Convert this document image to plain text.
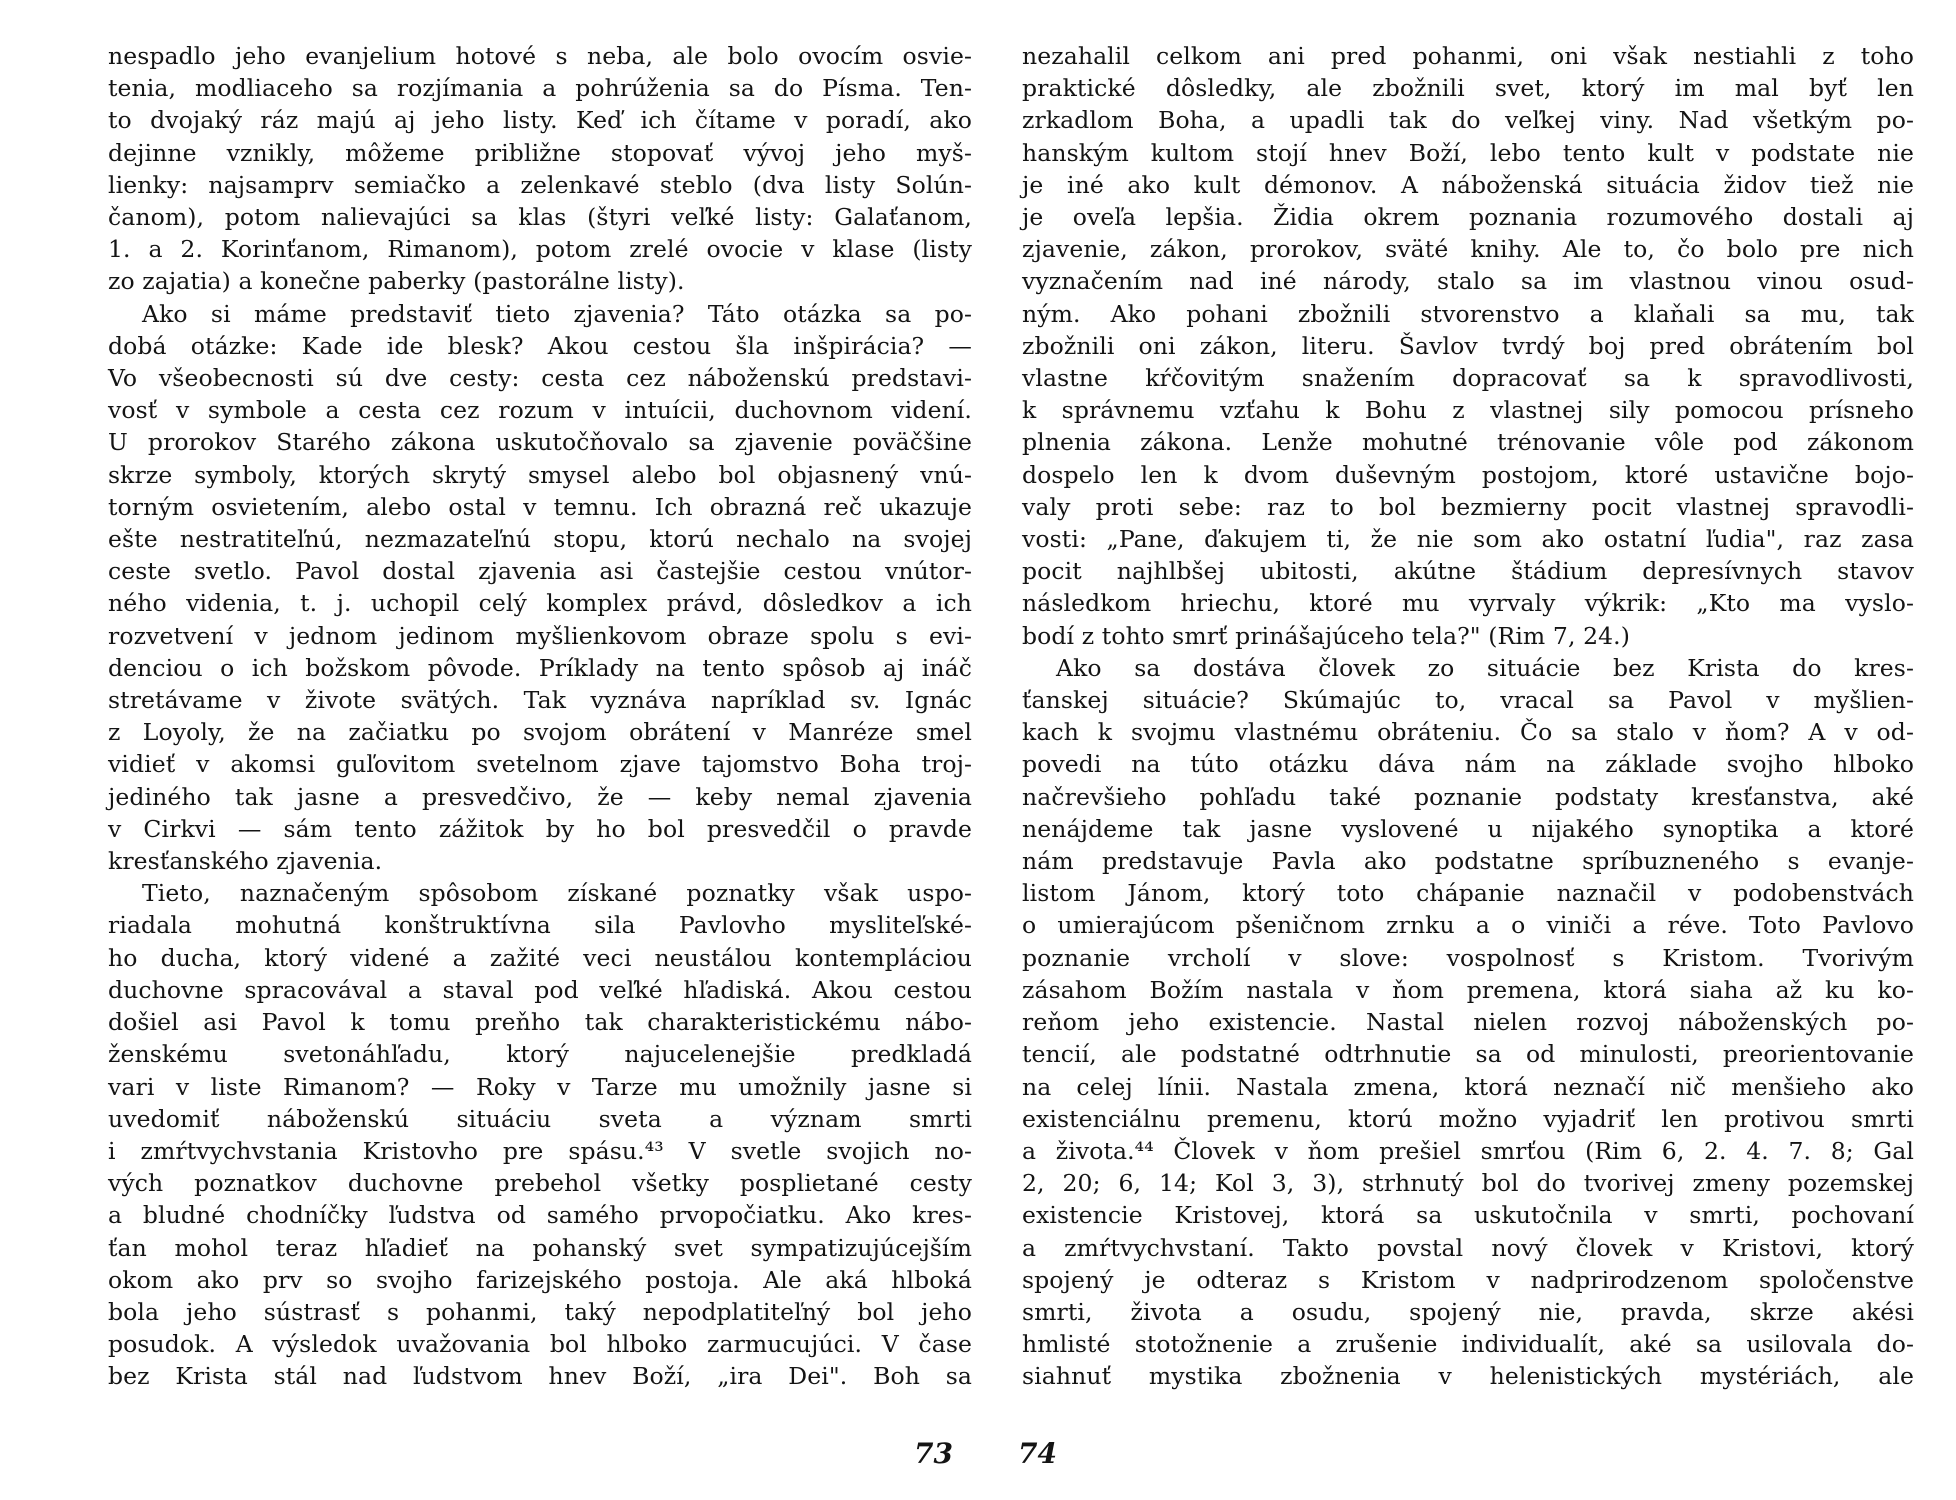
nespadlo jeho evanjelium hotové s neba, ale bolo ovocím osvie-
tenia, modliaceho sa rozjímania a pohrúženia sa do Písma. Ten-
to dvojaký ráz majú aj jeho listy. Keď ich čítame v poradí, ako
dejinne vznikly, môžeme približne stopovať vývoj jeho myš-
lienky: najsamprv semiačko a zelenkavé steblo (dva listy Solún-
čanom), potom nalievajúci sa klas (štyri veľké listy: Galaťanom,
1. a 2. Korinťanom, Rimanom), potom zrelé ovocie v klase (listy
zo zajatia) a konečne paberky (pastorálne listy).
Ako si máme predstaviť tieto zjavenia? Táto otázka sa po-
dobá otázke: Kade ide blesk? Akou cestou šla inšpirácia? —
Vo všeobecnosti sú dve cesty: cesta cez náboženskú predstavi-
vosť v symbole a cesta cez rozum v intuícii, duchovnom videní.
U prorokov Starého zákona uskutočňovalo sa zjavenie poväčšine
skrze symboly, ktorých skrytý smysel alebo bol objasnený vnú-
torným osvietením, alebo ostal v temnu. Ich obrazná reč ukazuje
ešte nestratiteľnú, nezmazateľnú stopu, ktorú nechalo na svojej
ceste svetlo. Pavol dostal zjavenia asi častejšie cestou vnútor-
ného videnia, t. j. uchopil celý komplex právd, dôsledkov a ich
rozvetvení v jednom jedinom myšlienkovom obraze spolu s evi-
denciou o ich božskom pôvode. Príklady na tento spôsob aj ináč
stretávame v živote svätých. Tak vyznáva napríklad sv. Ignác
z Loyoly, že na začiatku po svojom obrátení v Manréze smel
vidieť v akomsi guľovitom svetelnom zjave tajomstvo Boha troj-
jediného tak jasne a presvedčivo, že — keby nemal zjavenia
v Cirkvi — sám tento zážitok by ho bol presvedčil o pravde
kresťanského zjavenia.
Tieto, naznačeným spôsobom získané poznatky však uspo-
riadala mohutná konštruktívna sila Pavlovho mysliteľské-
ho ducha, ktorý videné a zažité veci neustálou kontempláciou
duchovne spracovával a staval pod veľké hľadiská. Akou cestou
došiel asi Pavol k tomu preňho tak charakteristickému nábo-
ženskému svetonáhľadu, ktorý najucelenejšie predkladá
vari v liste Rimanom? — Roky v Tarze mu umožnily jasne si
uvedomiť náboženskú situáciu sveta a význam smrti
i zmŕtvychvstania Kristovho pre spásu.⁴³ V svetle svojich no-
vých poznatkov duchovne prebehol všetky posplietané cesty
a bludné chodníčky ľudstva od samého prvopočiatku. Ako kres-
ťan mohol teraz hľadieť na pohanský svet sympatizujúcejším
okom ako prv so svojho farizejského postoja. Ale aká hlboká
bola jeho sústrasť s pohanmi, taký nepodplatiteľný bol jeho
posudok. A výsledok uvažovania bol hlboko zarmucujúci. V čase
bez Krista stál nad ľudstvom hnev Boží, „ira Dei". Boh sa
73
nezahalil celkom ani pred pohanmi, oni však nestiahli z toho
praktické dôsledky, ale zbožnili svet, ktorý im mal byť len
zrkadlom Boha, a upadli tak do veľkej viny. Nad všetkým po-
hanským kultom stojí hnev Boží, lebo tento kult v podstate nie
je iné ako kult démonov. A náboženská situácia židov tiež nie
je oveľa lepšia. Židia okrem poznania rozumového dostali aj
zjavenie, zákon, prorokov, sväté knihy. Ale to, čo bolo pre nich
vyznačením nad iné národy, stalo sa im vlastnou vinou osud-
ným. Ako pohani zbožnili stvorenstvo a klaňali sa mu, tak
zbožnili oni zákon, literu. Šavlov tvrdý boj pred obrátením bol
vlastne kŕčovitým snažením dopracovať sa k spravodlivosti,
k správnemu vzťahu k Bohu z vlastnej sily pomocou prísneho
plnenia zákona. Lenže mohutné trénovanie vôle pod zákonom
dospelo len k dvom duševným postojom, ktoré ustavične bojo-
valy proti sebe: raz to bol bezmierny pocit vlastnej spravodli-
vosti: „Pane, ďakujem ti, že nie som ako ostatní ľudia", raz zasa
pocit najhlbšej ubitosti, akútne štádium depresívnych stavov
následkom hriechu, ktoré mu vyrvaly výkrik: „Kto ma vyslo-
bodí z tohto smrť prinášajúceho tela?" (Rim 7, 24.)
Ako sa dostáva človek zo situácie bez Krista do kres-
ťanskej situácie? Skúmajúc to, vracal sa Pavol v myšlien-
kach k svojmu vlastnému obráteniu. Čo sa stalo v ňom? A v od-
povedi na túto otázku dáva nám na základe svojho hlboko
načrevšieho pohľadu také poznanie podstaty kresťanstva, aké
nenájdeme tak jasne vyslovené u nijakého synoptika a ktoré
nám predstavuje Pavla ako podstatne spríbuzneného s evanje-
listom Jánom, ktorý toto chápanie naznačil v podobenstvách
o umierajúcom pšeničnom zrnku a o viniči a réve. Toto Pavlovo
poznanie vrcholí v slove: vospolnosť s Kristom. Tvorivým
zásahom Božím nastala v ňom premena, ktorá siaha až ku ko-
reňom jeho existencie. Nastal nielen rozvoj náboženských po-
tencií, ale podstatné odtrhnutie sa od minulosti, preorientovanie
na celej línii. Nastala zmena, ktorá neznačí nič menšieho ako
existenciálnu premenu, ktorú možno vyjadriť len protivou smrti
a života.⁴⁴ Človek v ňom prešiel smrťou (Rim 6, 2. 4. 7. 8; Gal
2, 20; 6, 14; Kol 3, 3), strhnutý bol do tvorivej zmeny pozemskej
existencie Kristovej, ktorá sa uskutočnila v smrti, pochovaní
a zmŕtvychvstaní. Takto povstal nový človek v Kristovi, ktorý
spojený je odteraz s Kristom v nadprirodzenom spoločenstve
smrti, života a osudu, spojený nie, pravda, skrze akési
hmlisté stotožnenie a zrušenie individualít, aké sa usilovala do-
siahnuť mystika zbožnenia v helenistických mystériách, ale
74
